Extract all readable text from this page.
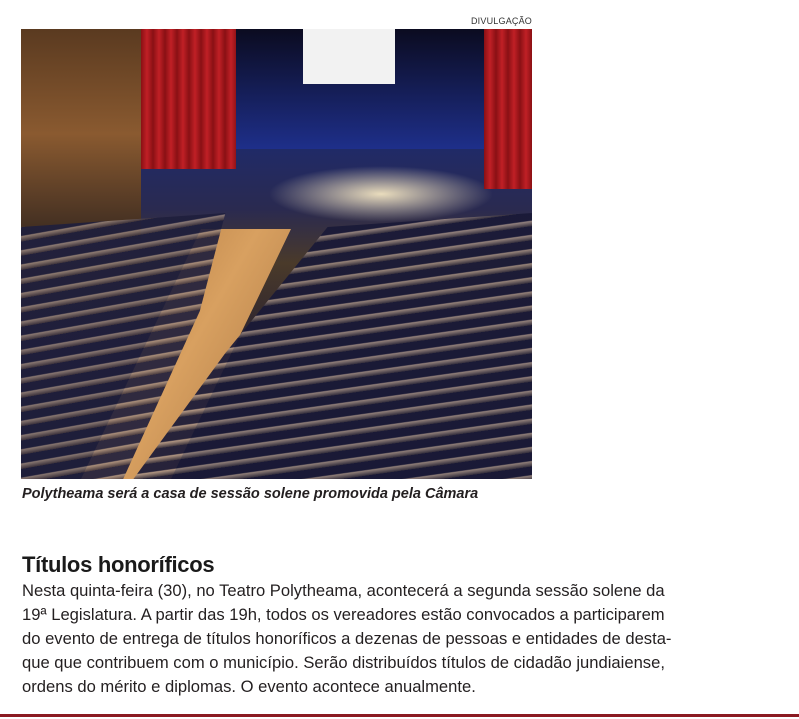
DIVULGAÇÃO
Polytheama será a casa de sessão solene promovida pela Câmara
Títulos honoríficos
Nesta quinta-feira (30), no Teatro Polytheama, acontecerá a segunda sessão solene da
19ª Legislatura. A partir das 19h, todos os vereadores estão convocados a participarem
do evento de entrega de títulos honoríficos a dezenas de pessoas e entidades de desta-
que que contribuem com o município. Serão distribuídos títulos de cidadão jundiaiense,
ordens do mérito e diplomas. O evento acontece anualmente.
